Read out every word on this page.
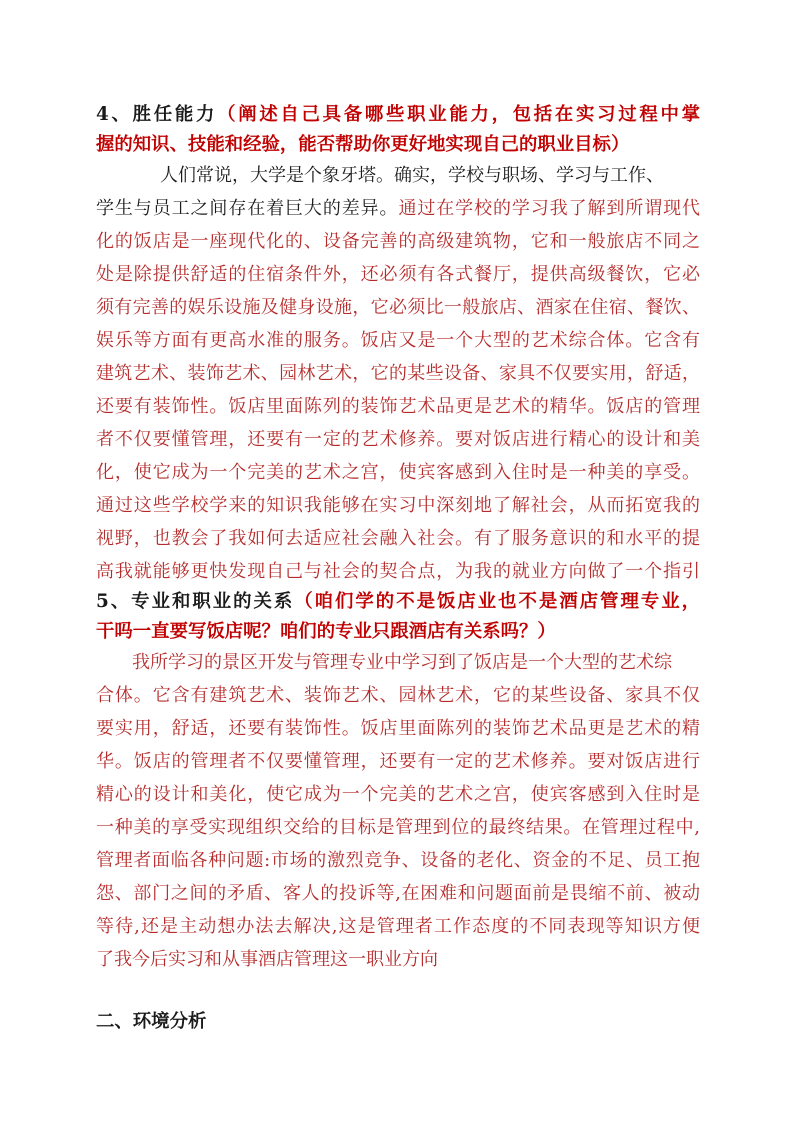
4、胜任能力（阐述自己具备哪些职业能力，包括在实习过程中掌
握的知识、技能和经验，能否帮助你更好地实现自己的职业目标）
人们常说，大学是个象牙塔。确实，学校与职场、学习与工作、
学生与员工之间存在着巨大的差异。通过在学校的学习我了解到所谓现代
化的饭店是一座现代化的、设备完善的高级建筑物，它和一般旅店不同之
处是除提供舒适的住宿条件外，还必须有各式餐厅，提供高级餐饮，它必
须有完善的娱乐设施及健身设施，它必须比一般旅店、酒家在住宿、餐饮、
娱乐等方面有更高水准的服务。饭店又是一个大型的艺术综合体。它含有
建筑艺术、装饰艺术、园林艺术，它的某些设备、家具不仅要实用，舒适，
还要有装饰性。饭店里面陈列的装饰艺术品更是艺术的精华。饭店的管理
者不仅要懂管理，还要有一定的艺术修养。要对饭店进行精心的设计和美
化，使它成为一个完美的艺术之宫，使宾客感到入住时是一种美的享受。
通过这些学校学来的知识我能够在实习中深刻地了解社会，从而拓宽我的
视野，也教会了我如何去适应社会融入社会。有了服务意识的和水平的提
高我就能够更快发现自己与社会的契合点，为我的就业方向做了一个指引
5、专业和职业的关系（咱们学的不是饭店业也不是酒店管理专业，
干吗一直要写饭店呢？咱们的专业只跟酒店有关系吗？）
我所学习的景区开发与管理专业中学习到了饭店是一个大型的艺术综
合体。它含有建筑艺术、装饰艺术、园林艺术，它的某些设备、家具不仅
要实用，舒适，还要有装饰性。饭店里面陈列的装饰艺术品更是艺术的精
华。饭店的管理者不仅要懂管理，还要有一定的艺术修养。要对饭店进行
精心的设计和美化，使它成为一个完美的艺术之宫，使宾客感到入住时是
一种美的享受实现组织交给的目标是管理到位的最终结果。在管理过程中,
管理者面临各种问题:市场的激烈竞争、设备的老化、资金的不足、员工抱
怨、部门之间的矛盾、客人的投诉等,在困难和问题面前是畏缩不前、被动
等待,还是主动想办法去解决,这是管理者工作态度的不同表现等知识方便
了我今后实习和从事酒店管理这一职业方向
二、环境分析
